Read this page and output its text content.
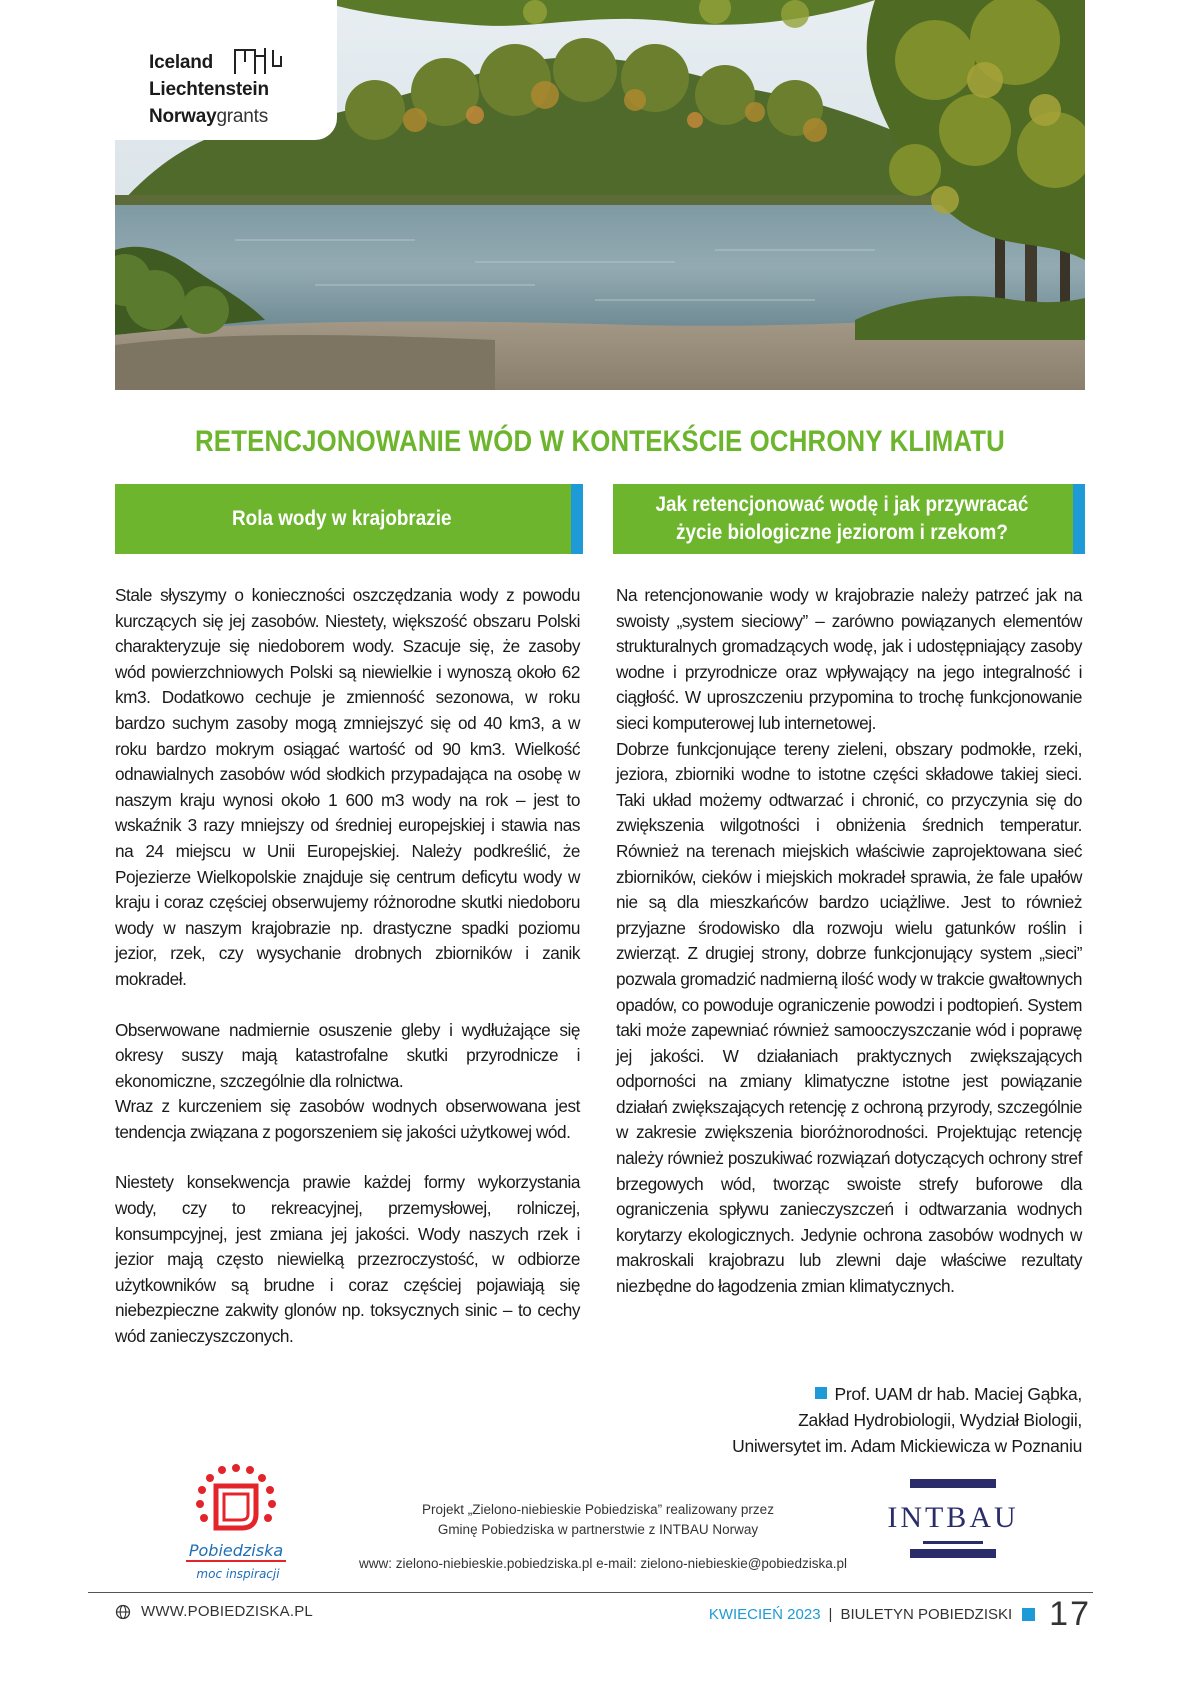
Iceland
Liechtenstein
Norwaygrants
RETENCJONOWANIE WÓD W KONTEKŚCIE OCHRONY KLIMATU
Rola wody w krajobrazie
Jak retencjonować wodę i jak przywracać
życie biologiczne jeziorom i rzekom?

Stale słyszymy o konieczności oszczędzania wody z powodu kurczących się jej zasobów. Niestety, większość obszaru Polski charakteryzuje się niedoborem wody. Szacuje się, że zasoby wód powierzchniowych Polski są niewielkie i wynoszą około 62 km3. Dodatkowo cechuje je zmienność sezonowa, w roku bardzo suchym zasoby mogą zmniejszyć się od 40 km3, a w roku bardzo mokrym osiągać wartość od 90 km3. Wielkość odnawialnych zasobów wód słodkich przypadająca na osobę w naszym kraju wynosi około 1 600 m3 wody na rok – jest to wskaźnik 3 razy mniejszy od średniej europejskiej i stawia nas na 24 miejscu w Unii Europejskiej. Należy podkreślić, że Pojezierze Wielkopolskie znajduje się centrum deficytu wody w kraju i coraz częściej obserwujemy różnorodne skutki niedoboru wody w naszym krajobrazie np. drastyczne spadki poziomu jezior, rzek, czy wysychanie drobnych zbiorników i zanik mokradeł.

Obserwowane nadmiernie osuszenie gleby i wydłużające się okresy suszy mają katastrofalne skutki przyrodnicze i ekonomiczne, szczególnie dla rolnictwa.

Wraz z kurczeniem się zasobów wodnych obserwowana jest tendencja związana z pogorszeniem się jakości użytkowej wód.

Niestety konsekwencja prawie każdej formy wykorzystania wody, czy to rekreacyjnej, przemysłowej, rolniczej, konsumpcyjnej, jest zmiana jej jakości. Wody naszych rzek i jezior mają często niewielką przezroczystość, w odbiorze użytkowników są brudne i coraz częściej pojawiają się niebezpieczne zakwity glonów np. toksycznych sinic – to cechy wód zanieczyszczonych.

Na retencjonowanie wody w krajobrazie należy patrzeć jak na swoisty „system sieciowy” – zarówno powiązanych elementów strukturalnych gromadzących wodę, jak i udostępniający zasoby wodne i przyrodnicze oraz wpływający na jego integralność i ciągłość. W uproszczeniu przypomina to trochę funkcjonowanie sieci komputerowej lub internetowej.

Dobrze funkcjonujące tereny zieleni, obszary podmokłe, rzeki, jeziora, zbiorniki wodne to istotne części składowe takiej sieci. Taki układ możemy odtwarzać i chronić, co przyczynia się do zwiększenia wilgotności i obniżenia średnich temperatur. Również na terenach miejskich właściwie zaprojektowana sieć zbiorników, cieków i miejskich mokradeł sprawia, że fale upałów nie są dla mieszkańców bardzo uciążliwe. Jest to również przyjazne środowisko dla rozwoju wielu gatunków roślin i zwierząt. Z drugiej strony, dobrze funkcjonujący system „sieci” pozwala gromadzić nadmierną ilość wody w trakcie gwałtownych opadów, co powoduje ograniczenie powodzi i podtopień. System taki może zapewniać również samooczyszczanie wód i poprawę jej jakości. W działaniach praktycznych zwiększających odporności na zmiany klimatyczne istotne jest powiązanie działań zwiększających retencję z ochroną przyrody, szczególnie w zakresie zwiększenia bioróżnorodności. Projektując retencję należy również poszukiwać rozwiązań dotyczących ochrony stref brzegowych wód, tworząc swoiste strefy buforowe dla ograniczenia spływu zanieczyszczeń i odtwarzania wodnych korytarzy ekologicznych. Jedynie ochrona zasobów wodnych w makroskali krajobrazu lub zlewni daje właściwe rezultaty niezbędne do łagodzenia zmian klimatycznych.

Prof. UAM dr hab. Maciej Gąbka,
Zakład Hydrobiologii, Wydział Biologii,
Uniwersytet im. Adam Mickiewicza w Poznaniu
Pobiedziska
moc inspiracji
Projekt „Zielono-niebieskie Pobiedziska” realizowany przez
Gminę Pobiedziska w partnerstwie z INTBAU Norway
www: zielono-niebieskie.pobiedziska.pl e-mail: zielono-niebieskie@pobiedziska.pl
INTBAU
WWW.POBIEDZISKA.PL	KWIECIEŃ 2023 | BIULETYN POBIEDZISKI 17
